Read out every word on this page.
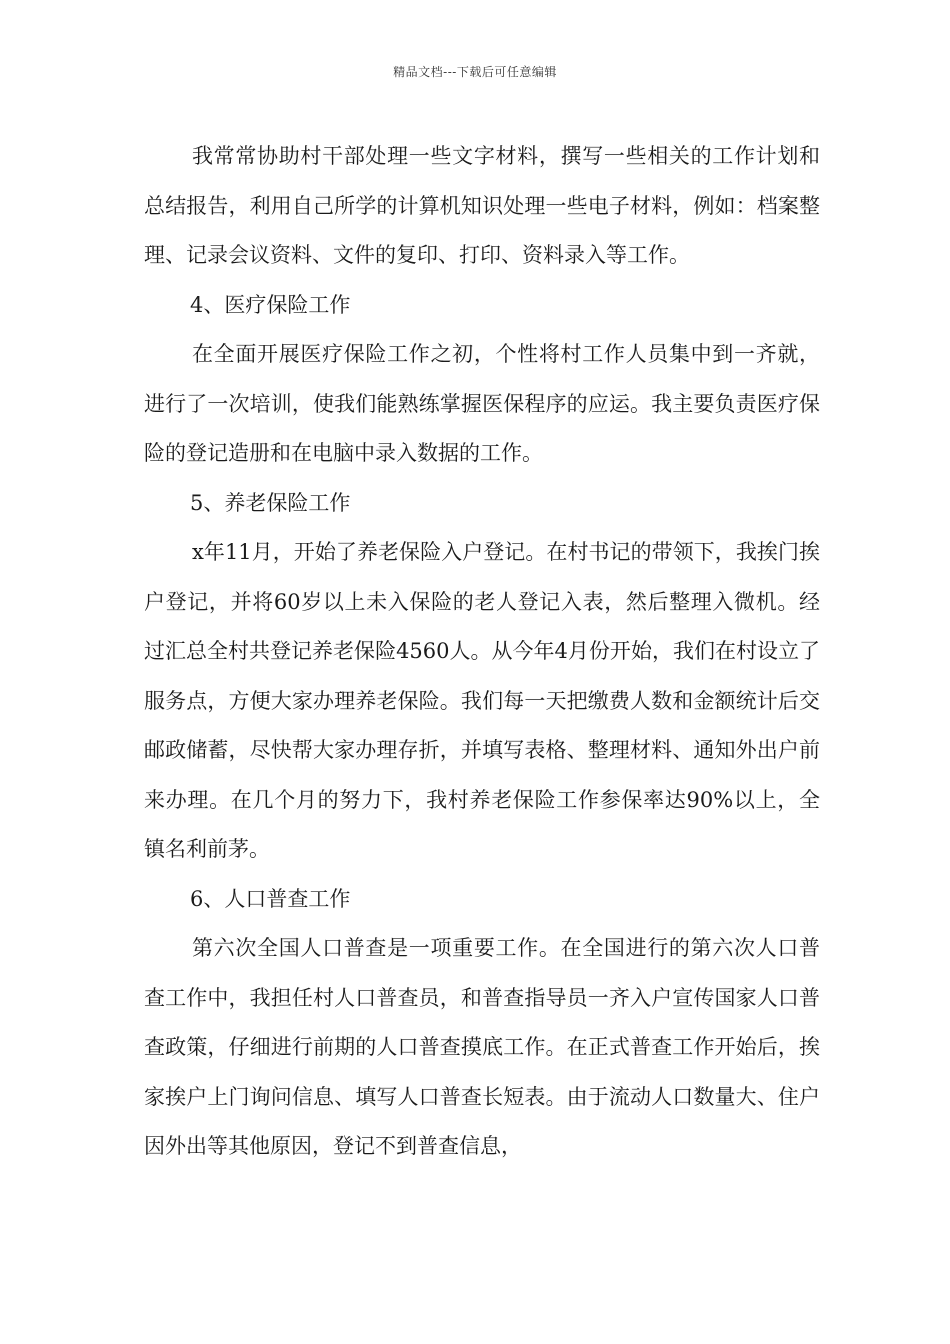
精品文档---下载后可任意编辑

我常常协助村干部处理一些文字材料，撰写一些相关的工作计划和总结报告，利用自己所学的计算机知识处理一些电子材料，例如：档案整理、记录会议资料、文件的复印、打印、资料录入等工作。

4、医疗保险工作

在全面开展医疗保险工作之初，个性将村工作人员集中到一齐就，进行了一次培训，使我们能熟练掌握医保程序的应运。我主要负责医疗保险的登记造册和在电脑中录入数据的工作。

5、养老保险工作

x年11月，开始了养老保险入户登记。在村书记的带领下，我挨门挨户登记，并将60岁以上未入保险的老人登记入表，然后整理入微机。经过汇总全村共登记养老保险4560人。从今年4月份开始，我们在村设立了服务点，方便大家办理养老保险。我们每一天把缴费人数和金额统计后交邮政储蓄，尽快帮大家办理存折，并填写表格、整理材料、通知外出户前来办理。在几个月的努力下，我村养老保险工作参保率达90%以上，全镇名利前茅。

6、人口普查工作

第六次全国人口普查是一项重要工作。在全国进行的第六次人口普查工作中，我担任村人口普查员，和普查指导员一齐入户宣传国家人口普查政策，仔细进行前期的人口普查摸底工作。在正式普查工作开始后，挨家挨户上门询问信息、填写人口普查长短表。由于流动人口数量大、住户因外出等其他原因，登记不到普查信息，
